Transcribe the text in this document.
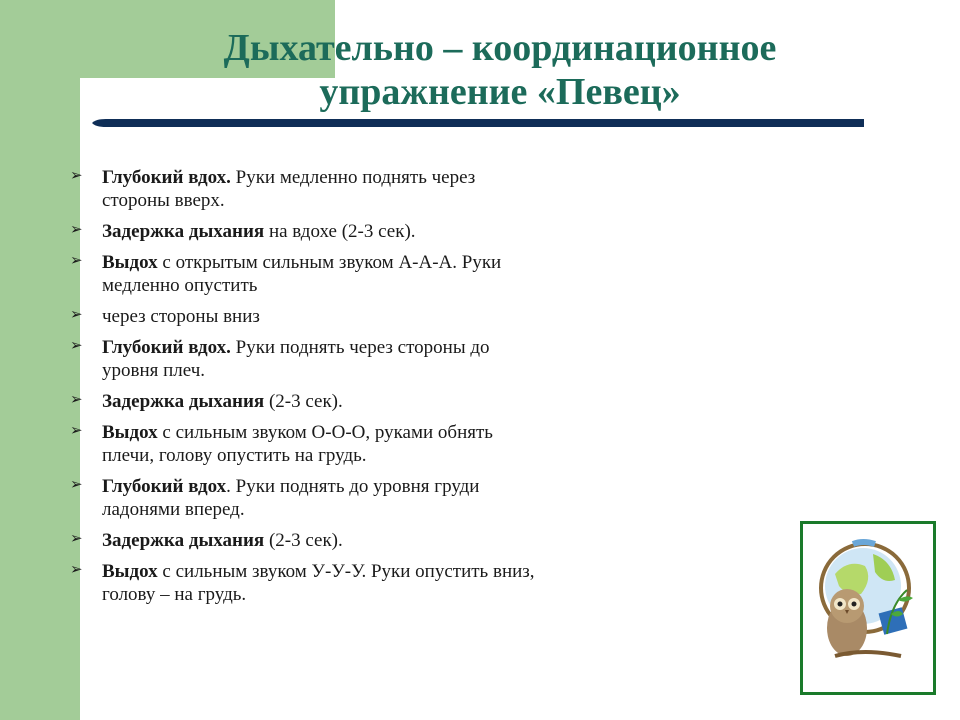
Дыхательно – координационное
упражнение «Певец»
➢ Глубокий вдох. Руки медленно поднять через стороны вверх.
➢ Задержка дыхания на вдохе (2-3 сек).
➢ Выдох с открытым сильным звуком А-А-А. Руки медленно опустить
➢ через стороны вниз
➢ Глубокий вдох. Руки поднять через стороны до уровня плеч.
➢ Задержка дыхания (2-3 сек).
➢ Выдох с сильным звуком О-О-О, руками обнять плечи, голову опустить на грудь.
➢ Глубокий вдох. Руки поднять до уровня груди ладонями вперед.
➢ Задержка дыхания (2-3 сек).
➢ Выдох с сильным звуком У-У-У. Руки опустить вниз, голову – на грудь.
